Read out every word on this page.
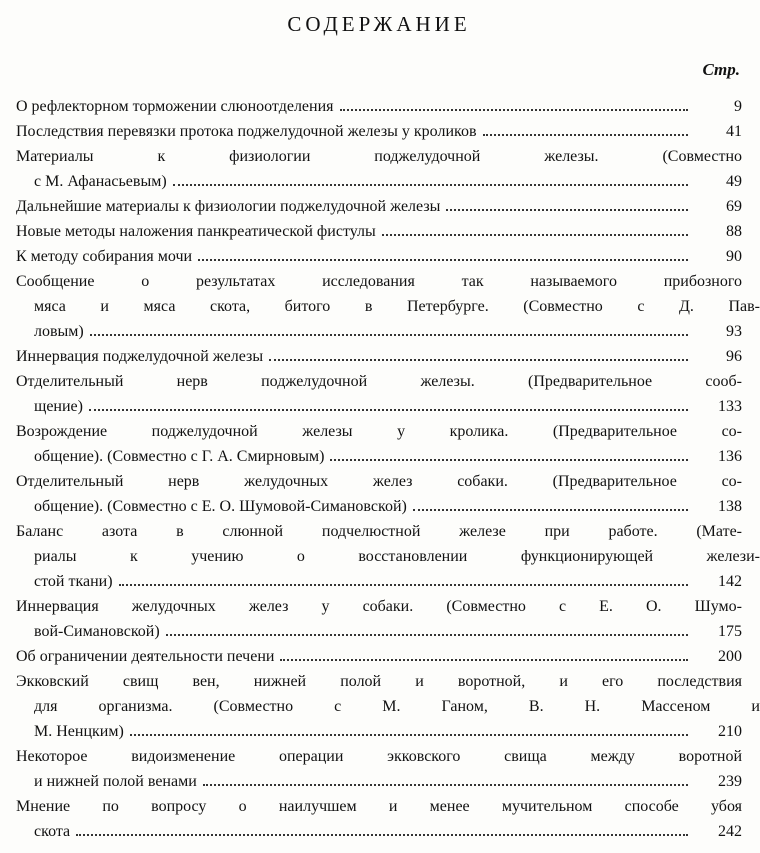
СОДЕРЖАНИЕ
Стр.
О рефлекторном торможении слюноотделения	9
Последствия перевязки протока поджелудочной железы у кроликов	41
Материалы к физиологии поджелудочной железы. (Совместно
с М. Афанасьевым)	49
Дальнейшие материалы к физиологии поджелудочной железы	69
Новые методы наложения панкреатической фистулы	88
К методу собирания мочи	90
Сообщение о результатах исследования так называемого прибозного
мяса и мяса скота, битого в Петербурге. (Совместно с Д. Пав-
ловым)	93
Иннервация поджелудочной железы	96
Отделительный нерв поджелудочной железы. (Предварительное сооб-
щение)	133
Возрождение поджелудочной железы у кролика. (Предварительное со-
общение). (Совместно с Г. А. Смирновым)	136
Отделительный нерв желудочных желез собаки. (Предварительное со-
общение). (Совместно с Е. О. Шумовой-Симановской)	138
Баланс азота в слюнной подчелюстной железе при работе. (Мате-
риалы к учению о восстановлении функционирующей желези-
стой ткани)	142
Иннервация желудочных желез у собаки. (Совместно с Е. О. Шумо-
вой-Симановской)	175
Об ограничении деятельности печени	200
Экковский свищ вен, нижней полой и воротной, и его последствия
для организма. (Совместно с М. Ганом, В. Н. Массеном и
М. Ненцким)	210
Некоторое видоизменение операции экковского свища между воротной
и нижней полой венами	239
Мнение по вопросу о наилучшем и менее мучительном способе убоя
скота	242
